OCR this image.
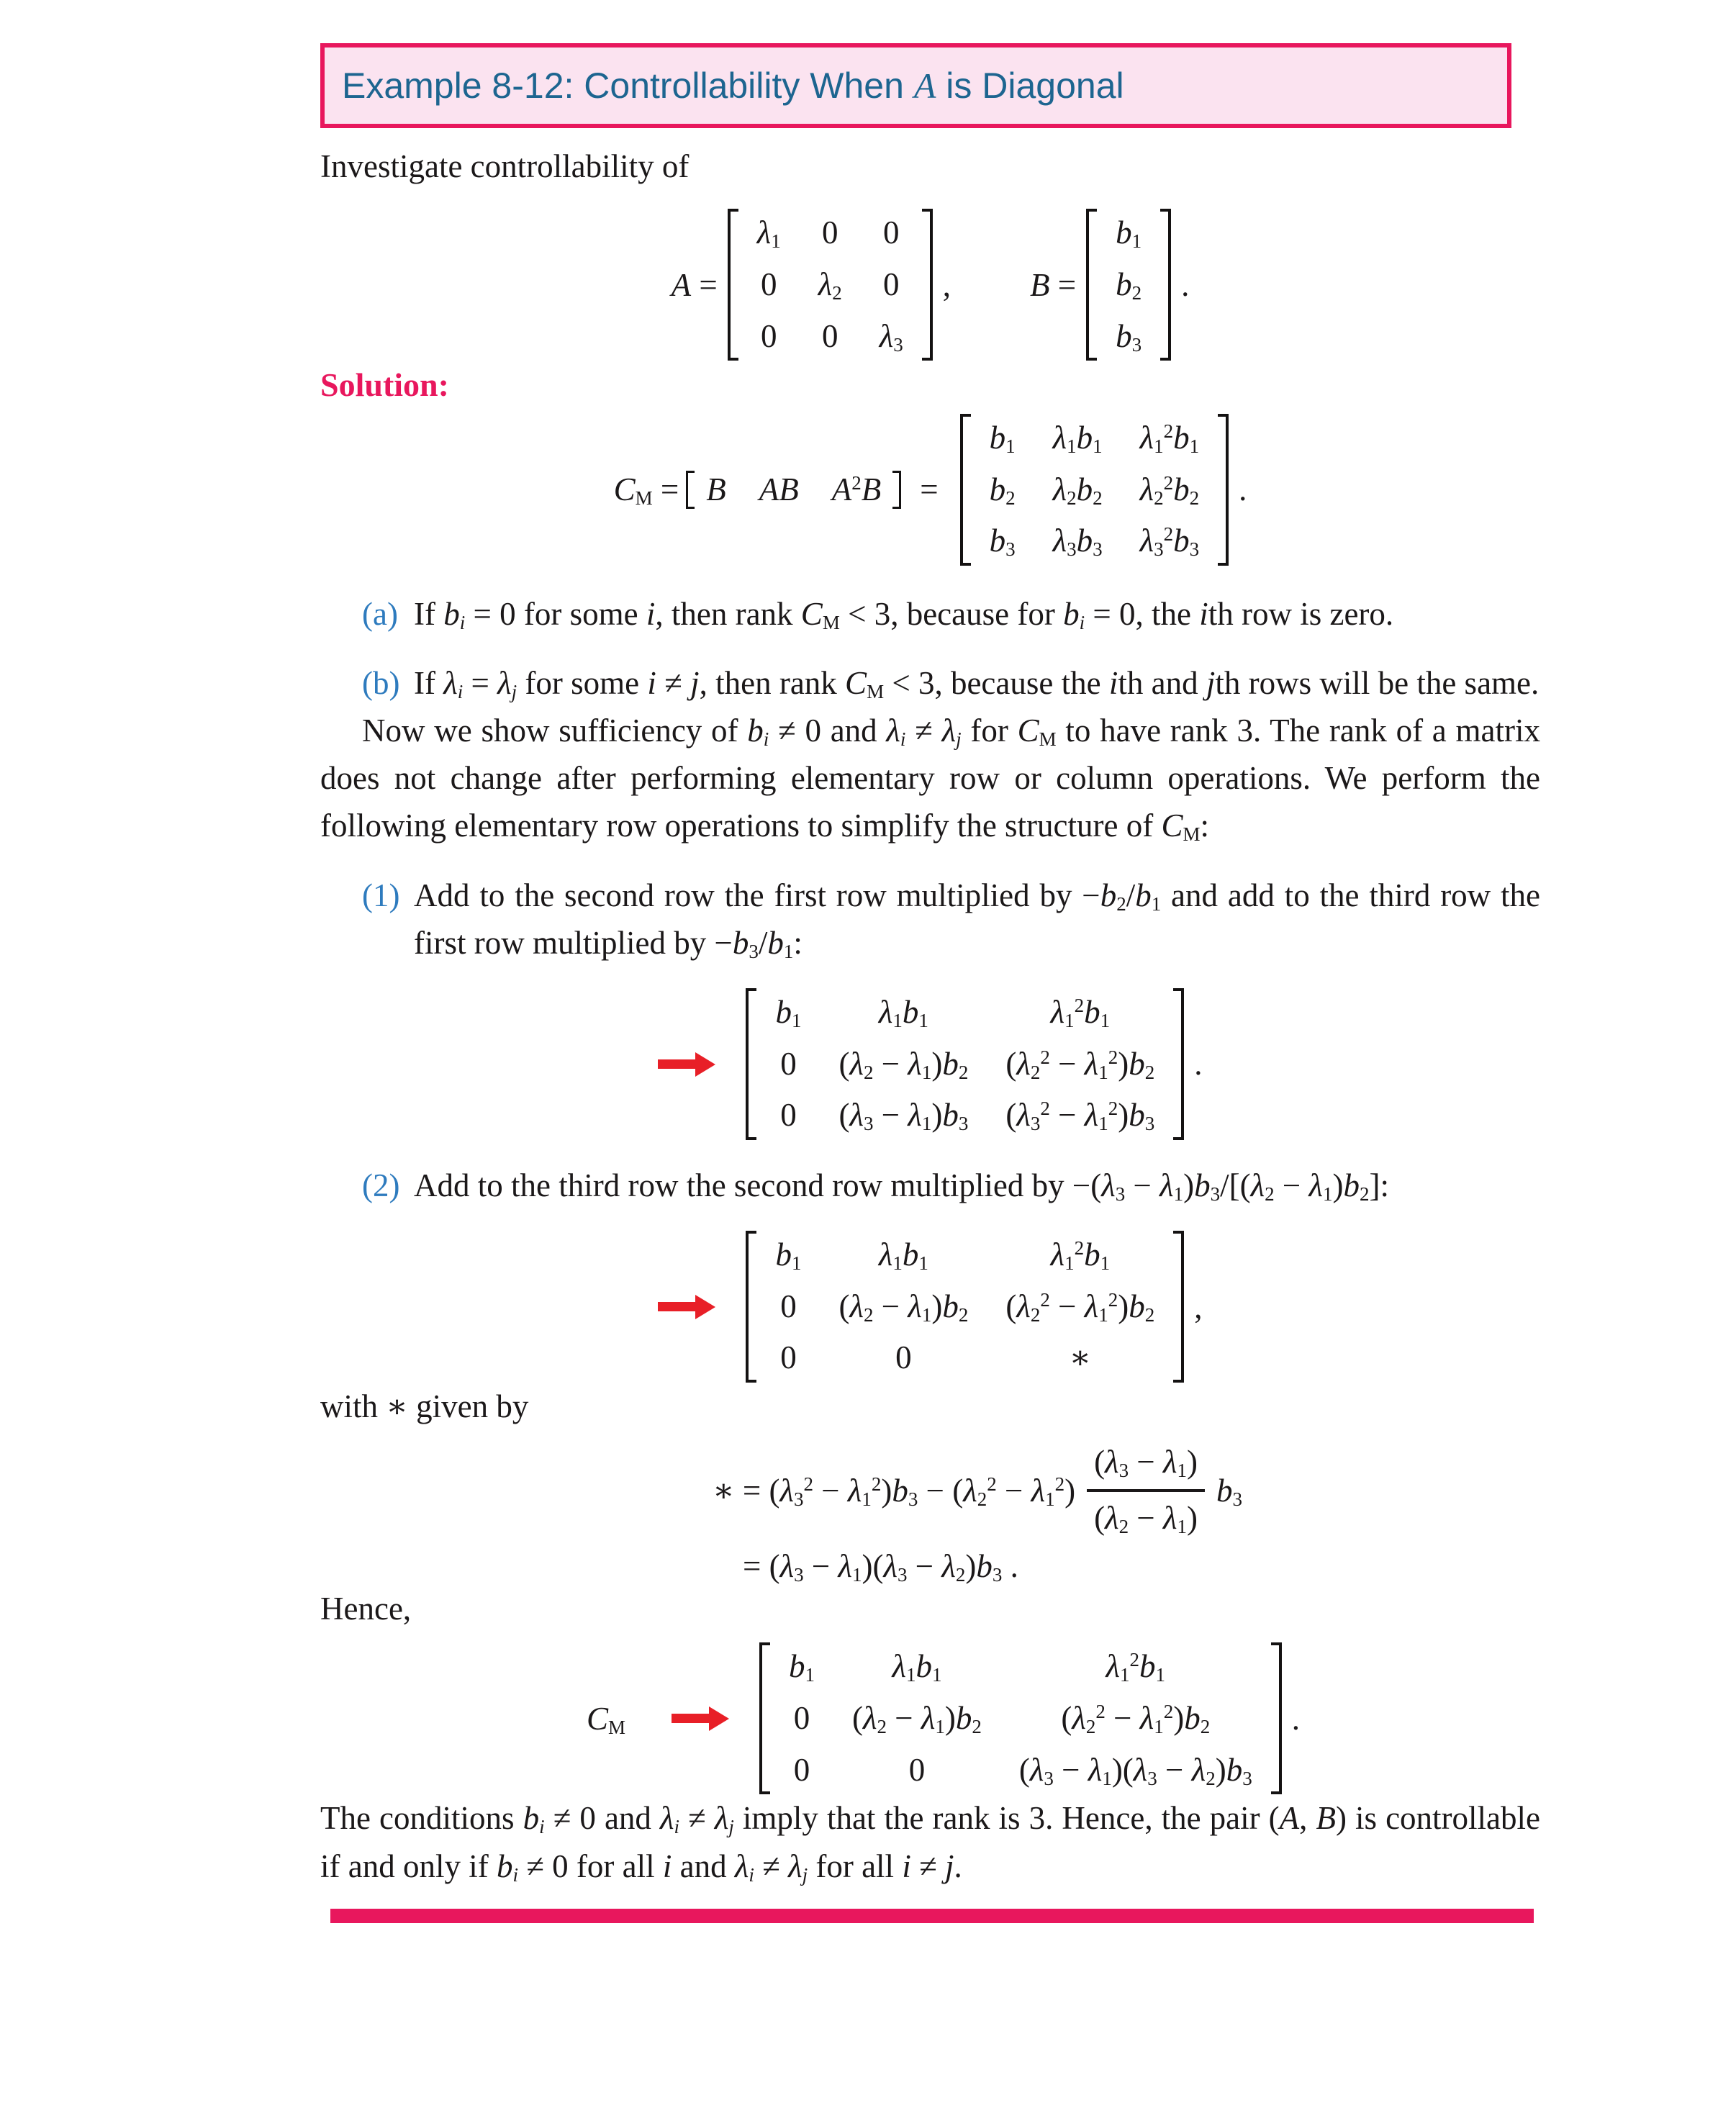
Example 8-12: Controllability When A is Diagonal

Investigate controllability of

A =
$\lambda_1$ 0 0
0 $\lambda_2$ 0
0 0 $\lambda_3$
, B =
$b_1$
$b_2$
$b_3$
.

Solution:

$C_M = B$ AB $A^2B$ =
$b_1$ $\lambda_1b_1$ $\lambda_1^2b_1$
$b_2$ $\lambda_2b_2$ $\lambda_2^2b_2$
$b_3$ $\lambda_3b_3$ $\lambda_3^2b_3$
.
(a) If $b_i = 0$ for some i, then rank $C_M < 3$, because for $b_i = 0$, the ith row is zero.
(b) If $\lambda_i = \lambda_j$ for some i ≠ j, then rank $C_M < 3$, because the ith and jth rows will be the same.

Now we show sufficiency of $b_i \ne 0$ and $\lambda_i \ne \lambda_j$ for $C_M$ to have rank 3. The rank of a matrix does not change after performing elementary row or column operations. We perform the following elementary row operations to simplify the structure of $C_M$:

(1) Add to the second row the first row multiplied by $-b_2/b_1$ and add to the third row the first row multiplied by $-b_3/b_1$:
$b_1$ $\lambda_1b_1$	$\lambda_1^2b_1$
0 $(\lambda_2 - \lambda_1)b_2$ $(\lambda_2^2 - \lambda_1^2)b_2$
0 $(\lambda_3 - \lambda_1)b_3$ $(\lambda_3^2 - \lambda_1^2)b_3$
.
(2) Add to the third row the second row multiplied by $-(\lambda_3 - \lambda_1)b_3/[(\lambda_2 - \lambda_1)b_2]$:
$b_1$ $\lambda_1b_1$	$\lambda_1^2b_1$
0 $(\lambda_2 - \lambda_1)b_2$ $(\lambda_2^2 - \lambda_1^2)b_2$
0	0	∗
,

with ∗ given by

∗ = $(\lambda_3^2 - \lambda_1^2)b_3 - (\lambda_2^2 - \lambda_1^2) \frac{(\lambda_3 - \lambda_1)}{(\lambda_2 - \lambda_1)} b_3$
= $(\lambda_3 - \lambda_1)(\lambda_3 - \lambda_2)b_3$ .

Hence,

$C_M$
$b_1$ $\lambda_1b_1$	$\lambda_1^2b_1$
0 $(\lambda_2 - \lambda_1)b_2$ $(\lambda_2^2 - \lambda_1^2)b_2$
0	0	$(\lambda_3 - \lambda_1)(\lambda_3 - \lambda_2)b_3$
.

The conditions $b_i \ne 0$ and $\lambda_i \ne \lambda_j$ imply that the rank is 3. Hence, the pair (A, B) is controllable if and only if $b_i \ne 0$ for all i and $\lambda_i \ne \lambda_j$ for all i ≠ j.
